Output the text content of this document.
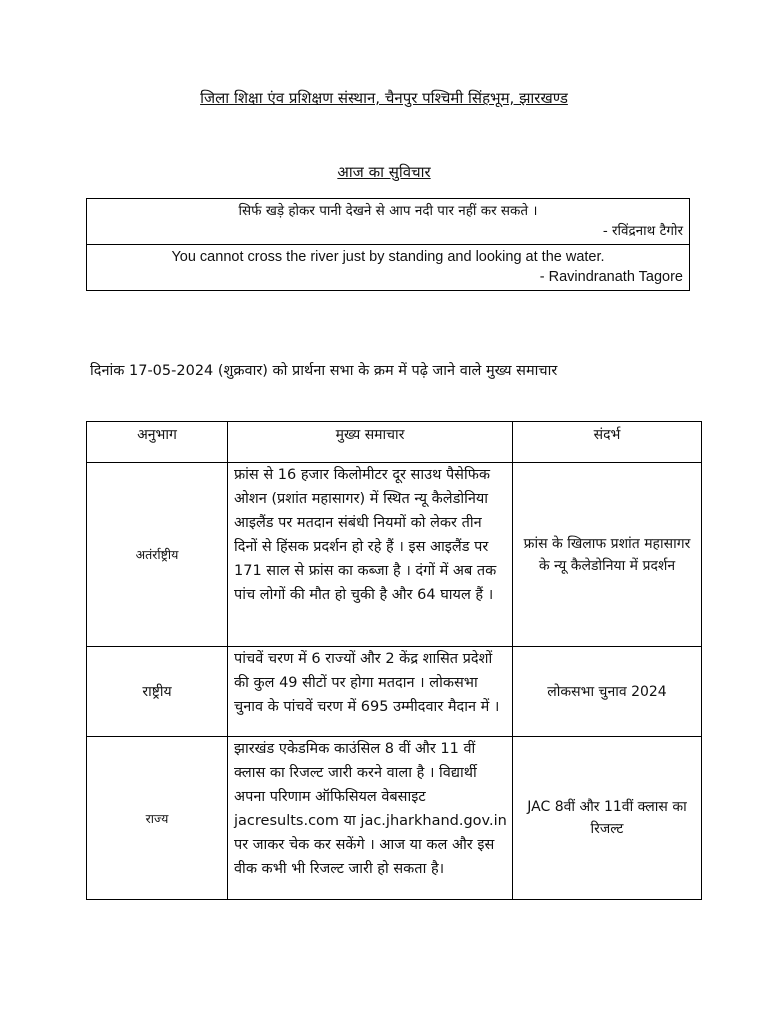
जिला शिक्षा एंव प्रशिक्षण संस्थान, चैनपुर पश्चिमी सिंहभूम, झारखण्ड
आज का सुविचार
सिर्फ खड़े होकर पानी देखने से आप नदी पार नहीं कर सकते ।
- रविंद्रनाथ टैगोर
You cannot cross the river just by standing and looking at the water.
- Ravindranath Tagore
दिनांक 17-05-2024 (शुक्रवार) को प्रार्थना सभा के क्रम में पढ़े जाने वाले मुख्य समाचार
अनुभाग	मुख्य समाचार	संदर्भ
अतंर्राष्ट्रीय	फ्रांस से 16 हजार किलोमीटर दूर साउथ पैसेफिक ओशन (प्रशांत महासागर) में स्थित न्यू कैलेडोनिया आइलैंड पर मतदान संबंधी नियमों को लेकर तीन दिनों से हिंसक प्रदर्शन हो रहे हैं । इस आइलैंड पर 171 साल से फ्रांस का कब्जा है । दंगों में अब तक पांच लोगों की मौत हो चुकी है और 64 घायल हैं ।	फ्रांस के खिलाफ प्रशांत महासागर के न्यू कैलेडोनिया में प्रदर्शन
राष्ट्रीय	पांचवें चरण में 6 राज्यों और 2 केंद्र शासित प्रदेशों की कुल 49 सीटों पर होगा मतदान । लोकसभा चुनाव के पांचवें चरण में 695 उम्मीदवार मैदान में ।	लोकसभा चुनाव 2024
राज्य	झारखंड एकेडमिक काउंसिल 8 वीं और 11 वीं क्लास का रिजल्ट जारी करने वाला है । विद्यार्थी अपना परिणाम ऑफिसियल वेबसाइट jacresults.com या jac.jharkhand.gov.in पर जाकर चेक कर सकेंगे । आज या कल और इस वीक कभी भी रिजल्ट जारी हो सकता है।	JAC 8वीं और 11वीं क्लास का रिजल्ट
